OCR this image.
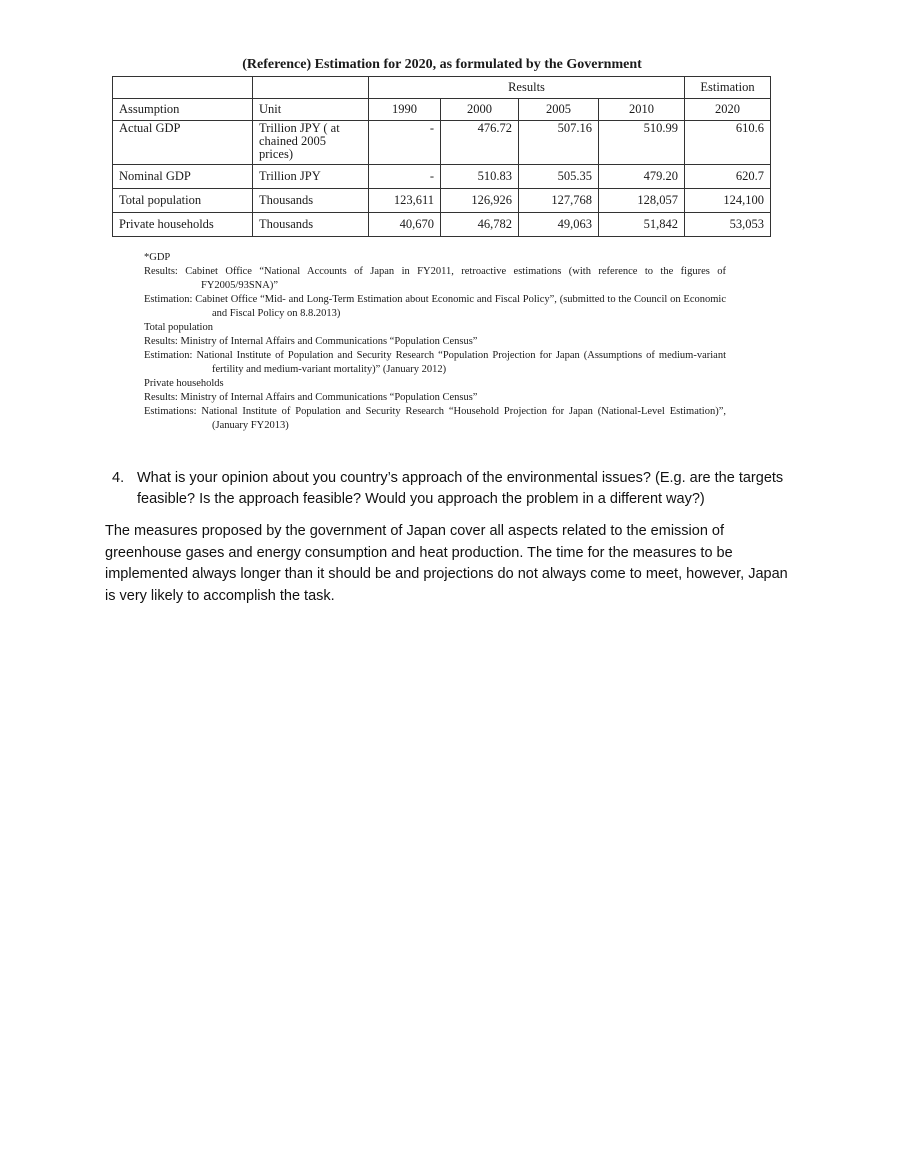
(Reference) Estimation for 2020, as formulated by the Government
		Results				Estimation
Assumption	Unit	1990	2000	2005	2010	2020
Actual GDP	Trillion JPY ( at chained 2005 prices)	-	476.72	507.16	510.99	610.6
Nominal GDP	Trillion JPY	-	510.83	505.35	479.20	620.7
Total population	Thousands	123,611	126,926	127,768	128,057	124,100
Private households	Thousands	40,670	46,782	49,063	51,842	53,053

*GDP

Results: Cabinet Office “National Accounts of Japan in FY2011, retroactive estimations (with reference to the figures of FY2005/93SNA)”

Estimation: Cabinet Office “Mid- and Long-Term Estimation about Economic and Fiscal Policy”, (submitted to the Council on Economic and Fiscal Policy on 8.8.2013)

Total population

Results: Ministry of Internal Affairs and Communications “Population Census”

Estimation: National Institute of Population and Security Research “Population Projection for Japan (Assumptions of medium-variant fertility and medium-variant mortality)” (January 2012)

Private households

Results: Ministry of Internal Affairs and Communications “Population Census”

Estimations: National Institute of Population and Security Research “Household Projection for Japan (National-Level Estimation)”, (January FY2013)

4. What is your opinion about you country’s approach of the environmental issues? (E.g. are the targets feasible? Is the approach feasible? Would you approach the problem in a different way?)
The measures proposed by the government of Japan cover all aspects related to the emission of greenhouse gases and energy consumption and heat production. The time for the measures to be implemented always longer than it should be and projections do not always come to meet, however, Japan is very likely to accomplish the task.
